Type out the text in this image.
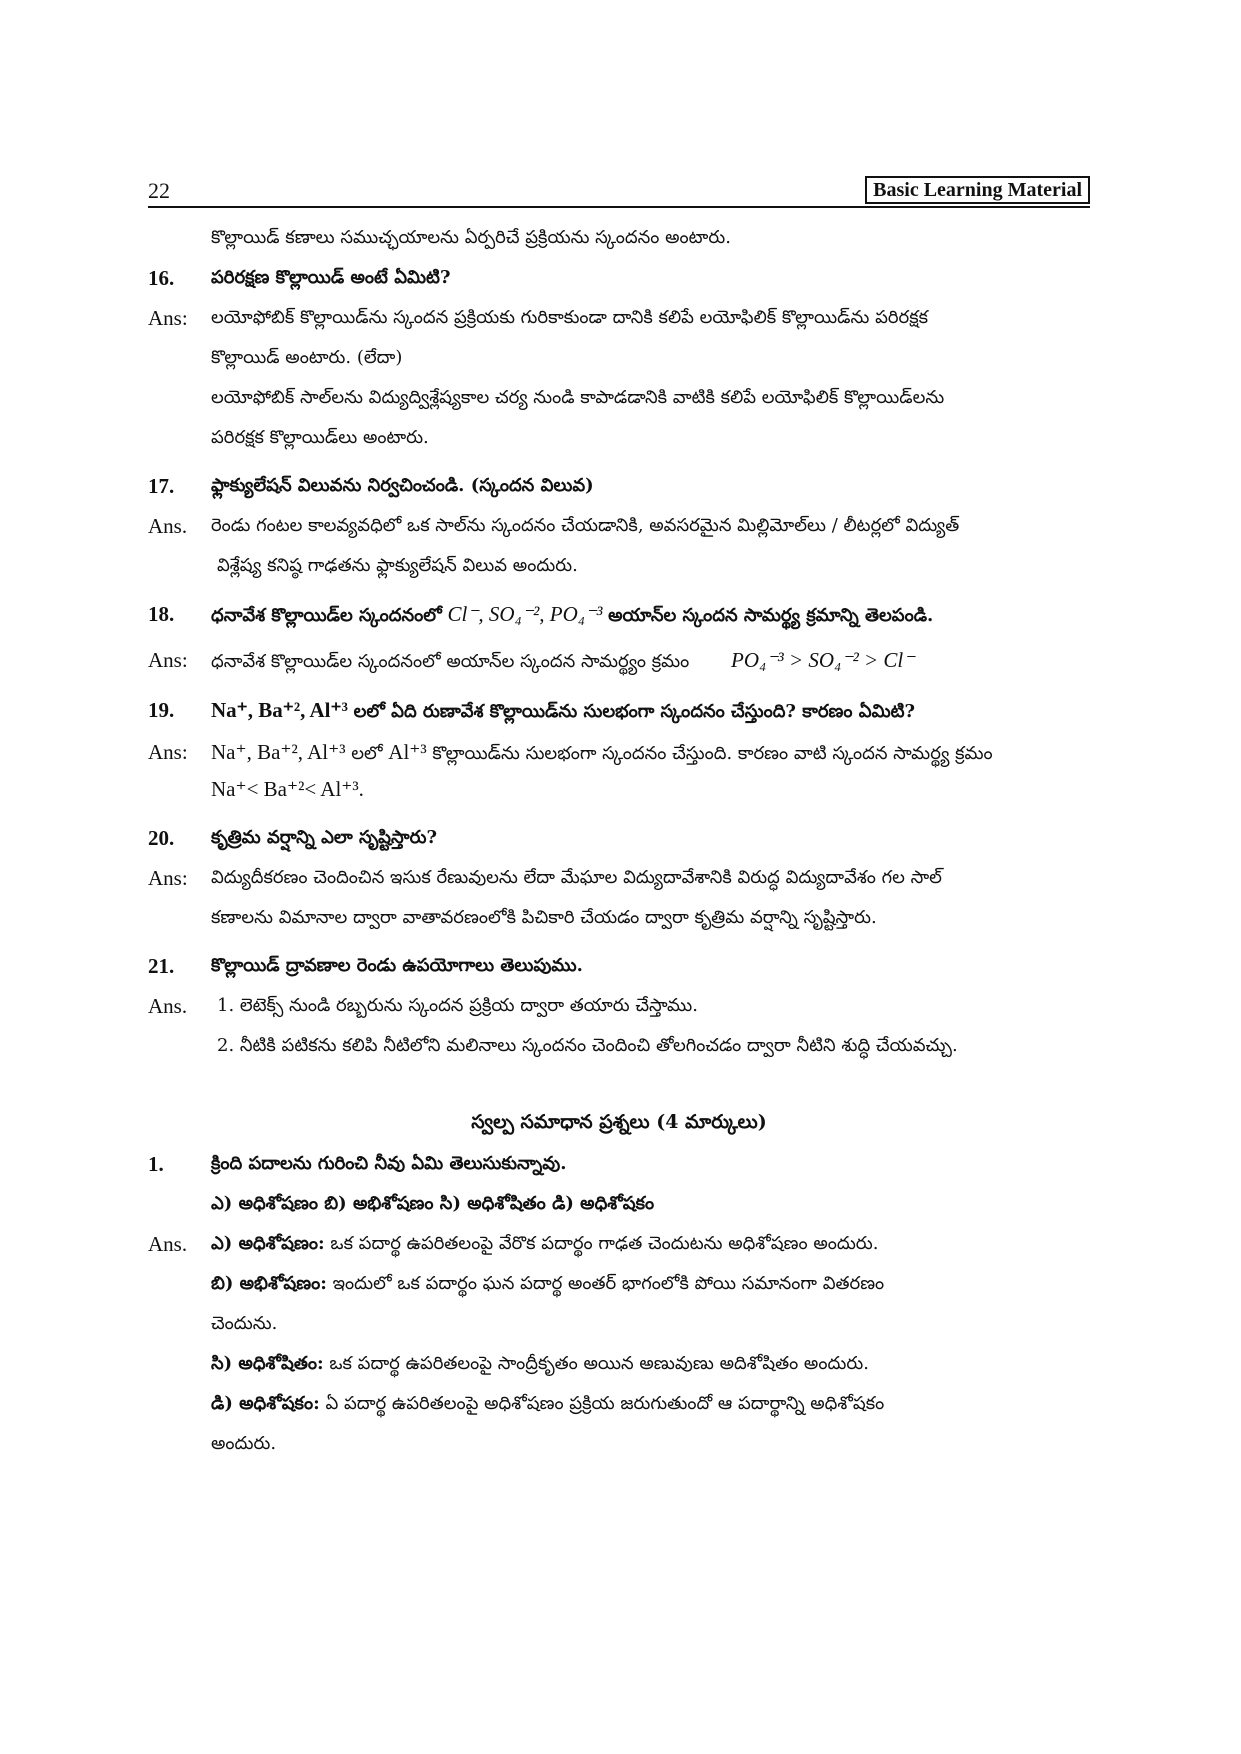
22	Basic Learning Material
కొల్లాయిడ్ కణాలు సముచ్ఛయాలను ఏర్పరిచే ప్రక్రియను స్కందనం అంటారు.
16. పరిరక్షణ కొల్లాయిడ్ అంటే ఏమిటి?
Ans: లయోఫోబిక్ కొల్లాయిడ్‌ను స్కందన ప్రక్రియకు గురికాకుండా దానికి కలిపే లయోఫిలిక్ కొల్లాయిడ్‌ను పరిరక్షక
కొల్లాయిడ్ అంటారు. (లేదా)
లయోఫోబిక్ సాల్‌లను విద్యుద్విశ్లేష్యకాల చర్య నుండి కాపాడడానికి వాటికి కలిపే లయోఫిలిక్ కొల్లాయిడ్‌లను
పరిరక్షక కొల్లాయిడ్‌లు అంటారు.
17. ఫ్లాక్యులేషన్ విలువను నిర్వచించండి. (స్కందన విలువ)
Ans. రెండు గంటల కాలవ్యవధిలో ఒక సాల్‌ను స్కందనం చేయడానికి, అవసరమైన మిల్లిమోల్‌లు / లీటర్లలో విద్యుత్
విశ్లేష్య కనిష్ఠ గాఢతను ఫ్లాక్యులేషన్ విలువ అందురు.
18. ధనావేశ కొల్లాయిడ్‌ల స్కందనంలో Cl⁻, SO₄⁻², PO₄⁻³ అయాన్‌ల స్కందన సామర్థ్య క్రమాన్ని తెలపండి.
Ans: ధనావేశ కొల్లాయిడ్‌ల స్కందనంలో అయాన్‌ల స్కందన సామర్థ్యం క్రమం PO₄⁻³ > SO₄⁻² > Cl⁻
19. Na⁺, Ba⁺², Al⁺³ లలో ఏది రుణావేశ కొల్లాయిడ్‌ను సులభంగా స్కందనం చేస్తుంది? కారణం ఏమిటి?
Ans: Na⁺, Ba⁺², Al⁺³ లలో Al⁺³ కొల్లాయిడ్‌ను సులభంగా స్కందనం చేస్తుంది. కారణం వాటి స్కందన సామర్థ్య క్రమం
Na⁺< Ba⁺²< Al⁺³.
20. కృత్రిమ వర్షాన్ని ఎలా సృష్టిస్తారు?
Ans: విద్యుదీకరణం చెందించిన ఇసుక రేణువులను లేదా మేఘాల విద్యుదావేశానికి విరుద్ధ విద్యుదావేశం గల సాల్
కణాలను విమానాల ద్వారా వాతావరణంలోకి పిచికారి చేయడం ద్వారా కృత్రిమ వర్షాన్ని సృష్టిస్తారు.
21. కొల్లాయిడ్ ద్రావణాల రెండు ఉపయోగాలు తెలుపుము.
Ans. 1. లెటెక్స్ నుండి రబ్బరును స్కందన ప్రక్రియ ద్వారా తయారు చేస్తాము.
2. నీటికి పటికను కలిపి నీటిలోని మలినాలు స్కందనం చెందించి తోలగించడం ద్వారా నీటిని శుద్ధి చేయవచ్చు.
స్వల్ప సమాధాన ప్రశ్నలు (4 మార్కులు)
1.	క్రింది పదాలను గురించి నీవు ఏమి తెలుసుకున్నావు.
ఎ) అధిశోషణం బి) అభిశోషణం సి) అధిశోషితం డి) అధిశోషకం
Ans. ఎ) అధిశోషణం: ఒక పదార్థ ఉపరితలంపై వేరొక పదార్థం గాఢత చెందుటను అధిశోషణం అందురు.
బి) అభిశోషణం: ఇందులో ఒక పదార్థం ఘన పదార్థ అంతర్ భాగంలోకి పోయి సమానంగా వితరణం
చెందును.
సి) అధిశోషితం: ఒక పదార్థ ఉపరితలంపై సాంద్రీకృతం అయిన అణువుణు అదిశోషితం అందురు.
డి) అధిశోషకం: ఏ పదార్థ ఉపరితలంపై అధిశోషణం ప్రక్రియ జరుగుతుందో ఆ పదార్థాన్ని అధిశోషకం
అందురు.
